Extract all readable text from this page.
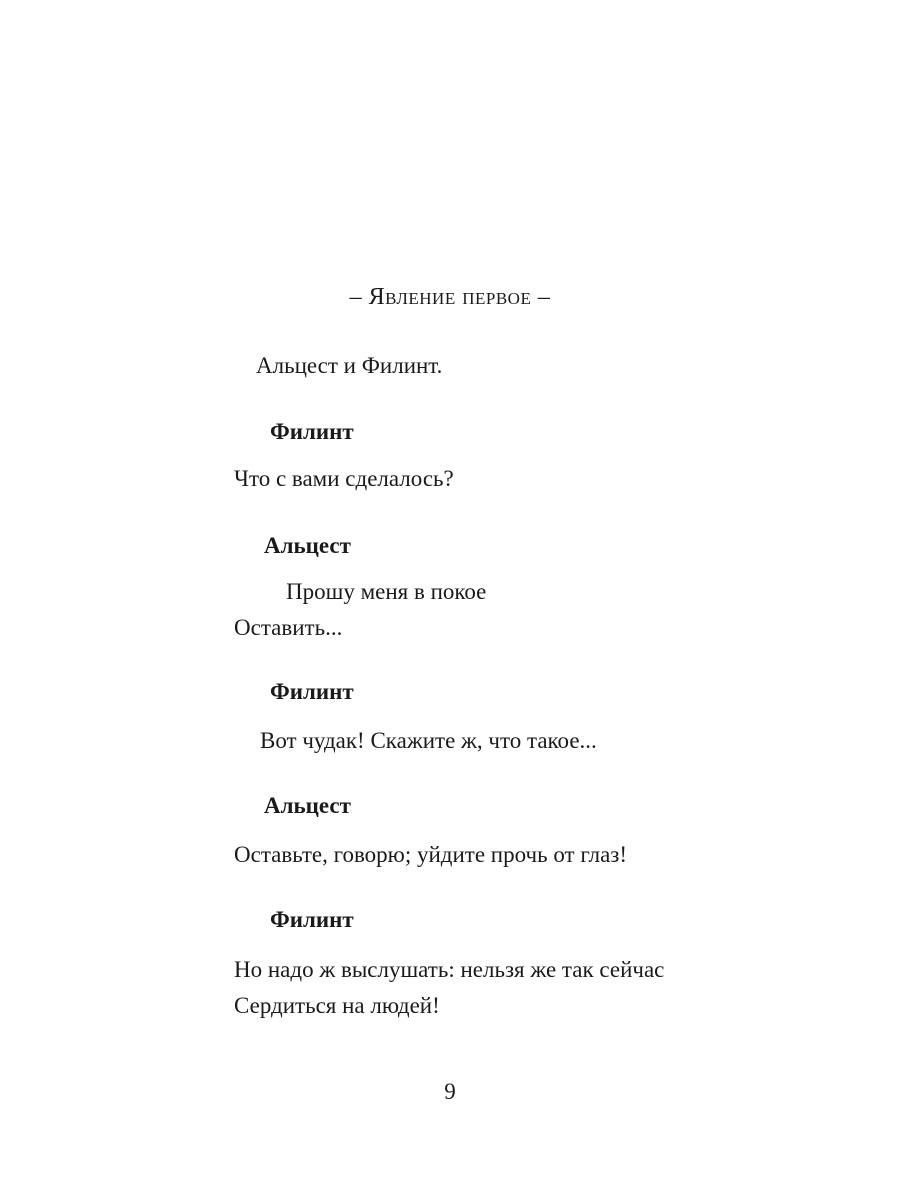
– Явление первое –
Альцест и Филинт.
Филинт
Что с вами сделалось?
Альцест
Прошу меня в покое
Оставить...
Филинт
Вот чудак! Скажите ж, что такое...
Альцест
Оставьте, говорю; уйдите прочь от глаз!
Филинт
Но надо ж выслушать: нельзя же так сейчас
Сердиться на людей!
9
